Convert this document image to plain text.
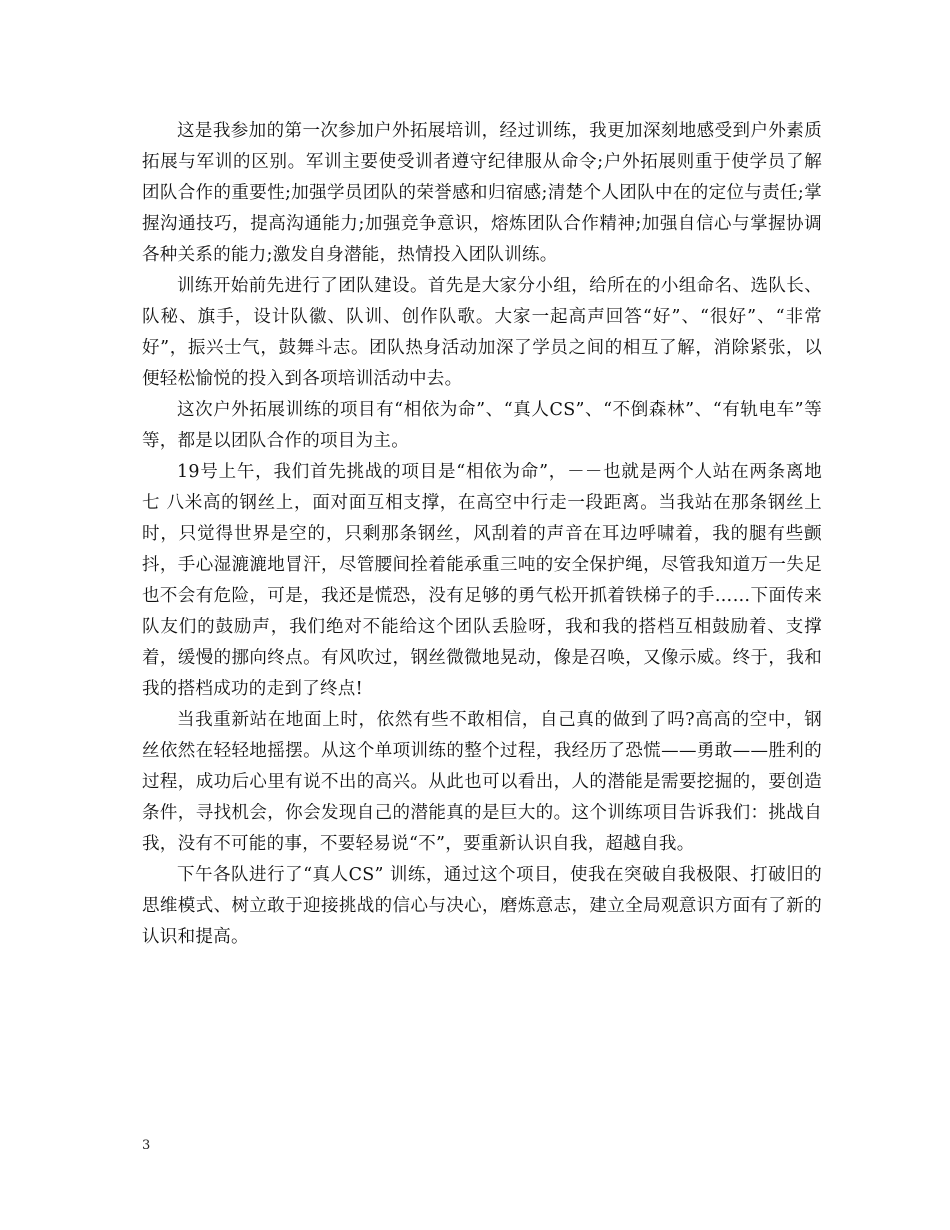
这是我参加的第一次参加户外拓展培训，经过训练，我更加深刻地感受到户外素质拓展与军训的区别。军训主要使受训者遵守纪律服从命令;户外拓展则重于使学员了解团队合作的重要性;加强学员团队的荣誉感和归宿感;清楚个人团队中在的定位与责任;掌握沟通技巧，提高沟通能力;加强竞争意识，熔炼团队合作精神;加强自信心与掌握协调各种关系的能力;激发自身潜能，热情投入团队训练。

训练开始前先进行了团队建设。首先是大家分小组，给所在的小组命名、选队长、队秘、旗手，设计队徽、队训、创作队歌。大家一起高声回答“好”、“很好”、“非常好”，振兴士气，鼓舞斗志。团队热身活动加深了学员之间的相互了解，消除紧张，以便轻松愉悦的投入到各项培训活动中去。

这次户外拓展训练的项目有“相依为命”、“真人CS”、“不倒森林”、“有轨电车”等等，都是以团队合作的项目为主。

19号上午，我们首先挑战的项目是“相依为命”，－－也就是两个人站在两条离地七 八米高的钢丝上，面对面互相支撑，在高空中行走一段距离。当我站在那条钢丝上时，只觉得世界是空的，只剩那条钢丝，风刮着的声音在耳边呼啸着，我的腿有些颤抖，手心湿漉漉地冒汗，尽管腰间拴着能承重三吨的安全保护绳，尽管我知道万一失足也不会有危险，可是，我还是慌恐，没有足够的勇气松开抓着铁梯子的手……下面传来队友们的鼓励声，我们绝对不能给这个团队丢脸呀，我和我的搭档互相鼓励着、支撑着，缓慢的挪向终点。有风吹过，钢丝微微地晃动，像是召唤，又像示威。终于，我和我的搭档成功的走到了终点!

当我重新站在地面上时，依然有些不敢相信，自己真的做到了吗?高高的空中，钢丝依然在轻轻地摇摆。从这个单项训练的整个过程，我经历了恐慌——勇敢——胜利的过程，成功后心里有说不出的高兴。从此也可以看出，人的潜能是需要挖掘的，要创造条件，寻找机会，你会发现自己的潜能真的是巨大的。这个训练项目告诉我们：挑战自我，没有不可能的事，不要轻易说“不”，要重新认识自我，超越自我。

下午各队进行了“真人CS” 训练，通过这个项目，使我在突破自我极限、打破旧的思维模式、树立敢于迎接挑战的信心与决心，磨炼意志，建立全局观意识方面有了新的认识和提高。

3
